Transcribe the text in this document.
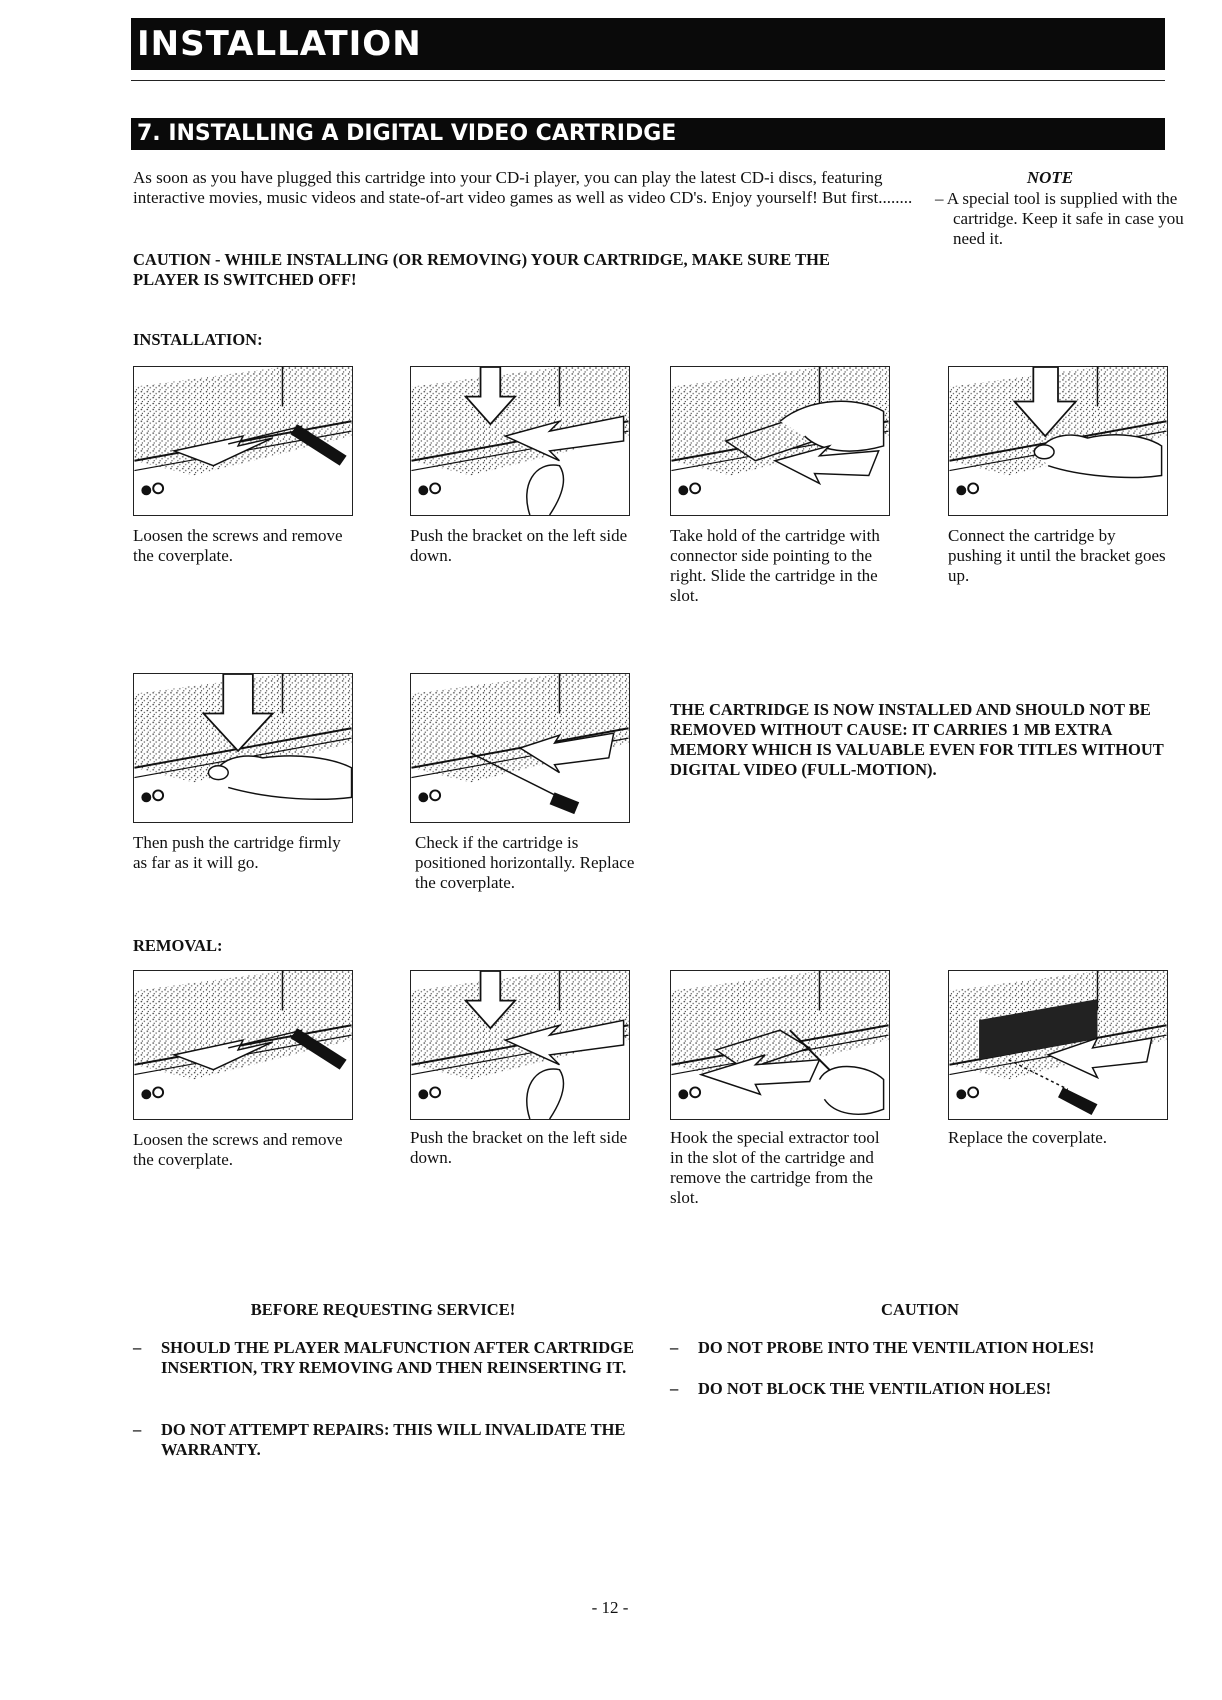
INSTALLATION
7. INSTALLING A DIGITAL VIDEO CARTRIDGE
As soon as you have plugged this cartridge into your CD-i player, you can play the latest CD-i discs, featuring interactive movies, music videos and state-of-art video games as well as video CD's. Enjoy yourself! But first........
NOTE
– A special tool is supplied with the cartridge. Keep it safe in case you need it.
CAUTION - WHILE INSTALLING (OR REMOVING) YOUR CARTRIDGE, MAKE SURE THE PLAYER IS SWITCHED OFF!
INSTALLATION:
Loosen the screws and remove the coverplate.
Push the bracket on the left side down.
Take hold of the cartridge with connector side pointing to the right. Slide the cartridge in the slot.
Connect the cartridge by pushing it until the bracket goes up.
THE CARTRIDGE IS NOW INSTALLED AND SHOULD NOT BE REMOVED WITHOUT CAUSE: IT CARRIES 1 MB EXTRA MEMORY WHICH IS VALUABLE EVEN FOR TITLES WITHOUT DIGITAL VIDEO (FULL-MOTION).
Then push the cartridge firmly as far as it will go.
Check if the cartridge is positioned horizontally. Replace the coverplate.
REMOVAL:
Loosen the screws and remove the coverplate.
Push the bracket on the left side down.
Hook the special extractor tool in the slot of the cartridge and remove the cartridge from the slot.
Replace the coverplate.
BEFORE REQUESTING SERVICE!
– SHOULD THE PLAYER MALFUNCTION AFTER CARTRIDGE INSERTION, TRY REMOVING AND THEN REINSERTING IT.
– DO NOT ATTEMPT REPAIRS: THIS WILL INVALIDATE THE WARRANTY.
CAUTION
– DO NOT PROBE INTO THE VENTILATION HOLES!
– DO NOT BLOCK THE VENTILATION HOLES!
- 12 -
